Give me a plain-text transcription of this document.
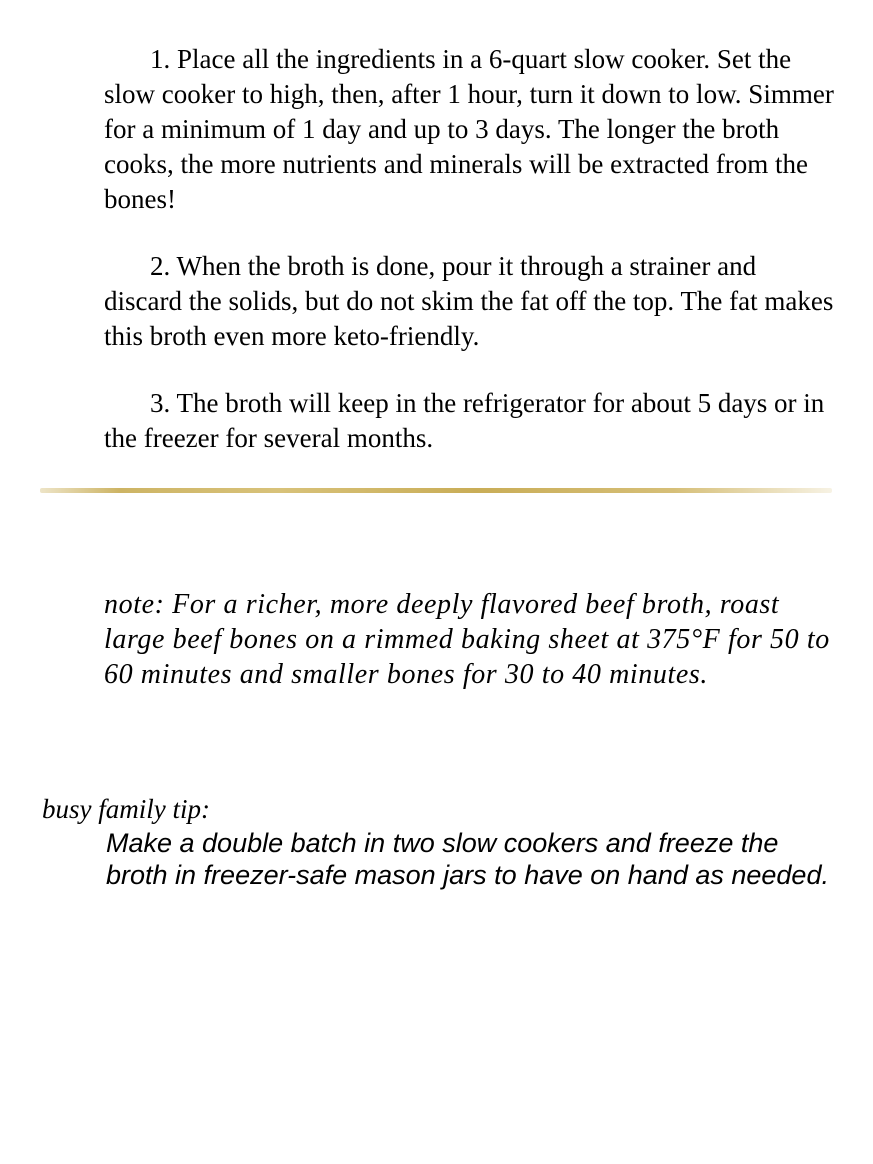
1. Place all the ingredients in a 6-quart slow cooker. Set the slow cooker to high, then, after 1 hour, turn it down to low. Simmer for a minimum of 1 day and up to 3 days. The longer the broth cooks, the more nutrients and minerals will be extracted from the bones!

2. When the broth is done, pour it through a strainer and discard the solids, but do not skim the fat off the top. The fat makes this broth even more keto-friendly.

3. The broth will keep in the refrigerator for about 5 days or in the freezer for several months.

note: For a richer, more deeply flavored beef broth, roast large beef bones on a rimmed baking sheet at 375°F for 50 to 60 minutes and smaller bones for 30 to 40 minutes.

busy family tip:

Make a double batch in two slow cookers and freeze the broth in freezer-safe mason jars to have on hand as needed.
